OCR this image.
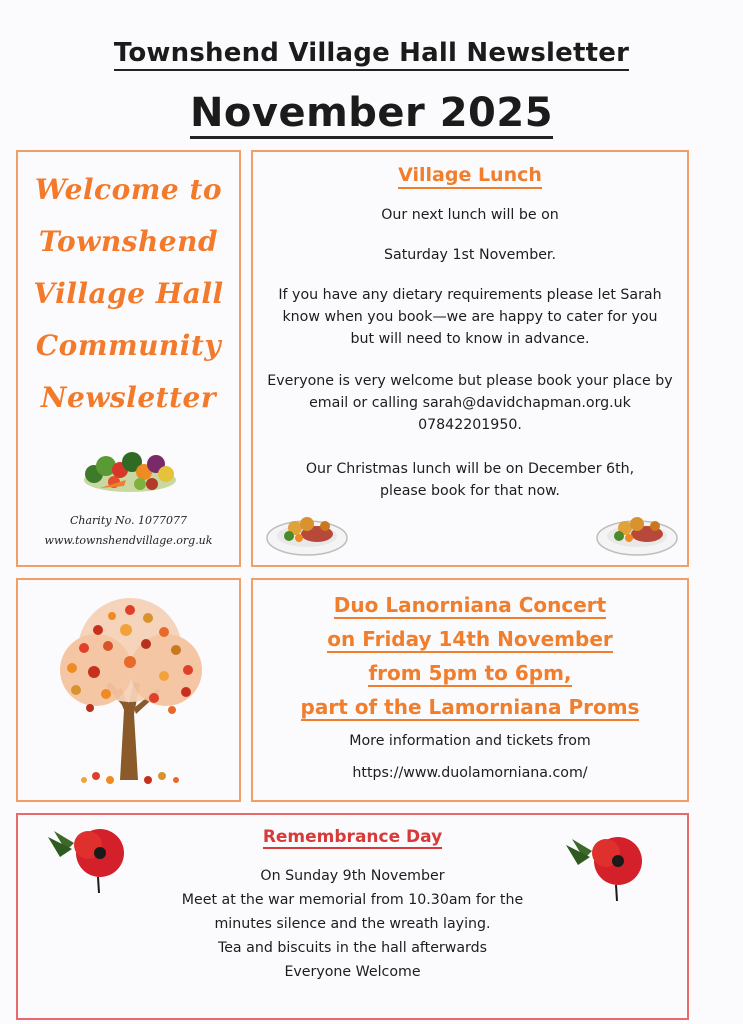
Townshend Village Hall Newsletter
November 2025
Welcome to
Townshend
Village Hall
Community
Newsletter
Charity No. 1077077
www.townshendvillage.org.uk
Village Lunch
Our next lunch will be on
Saturday 1st November.
If you have any dietary requirements please let Sarah know when you book—we are happy to cater for you but will need to know in advance.
Everyone is very welcome but please book your place by email or calling sarah@davidchapman.org.uk 07842201950.
Our Christmas lunch will be on December 6th, please book for that now.
Duo Lanorniana Concert
on Friday 14th November
from 5pm to 6pm,
part of the Lamorniana Proms
More information and tickets from
https://www.duolamorniana.com/
Remembrance Day
On Sunday 9th November
Meet at the war memorial from 10.30am for the
minutes silence and the wreath laying.
Tea and biscuits in the hall afterwards
Everyone Welcome
